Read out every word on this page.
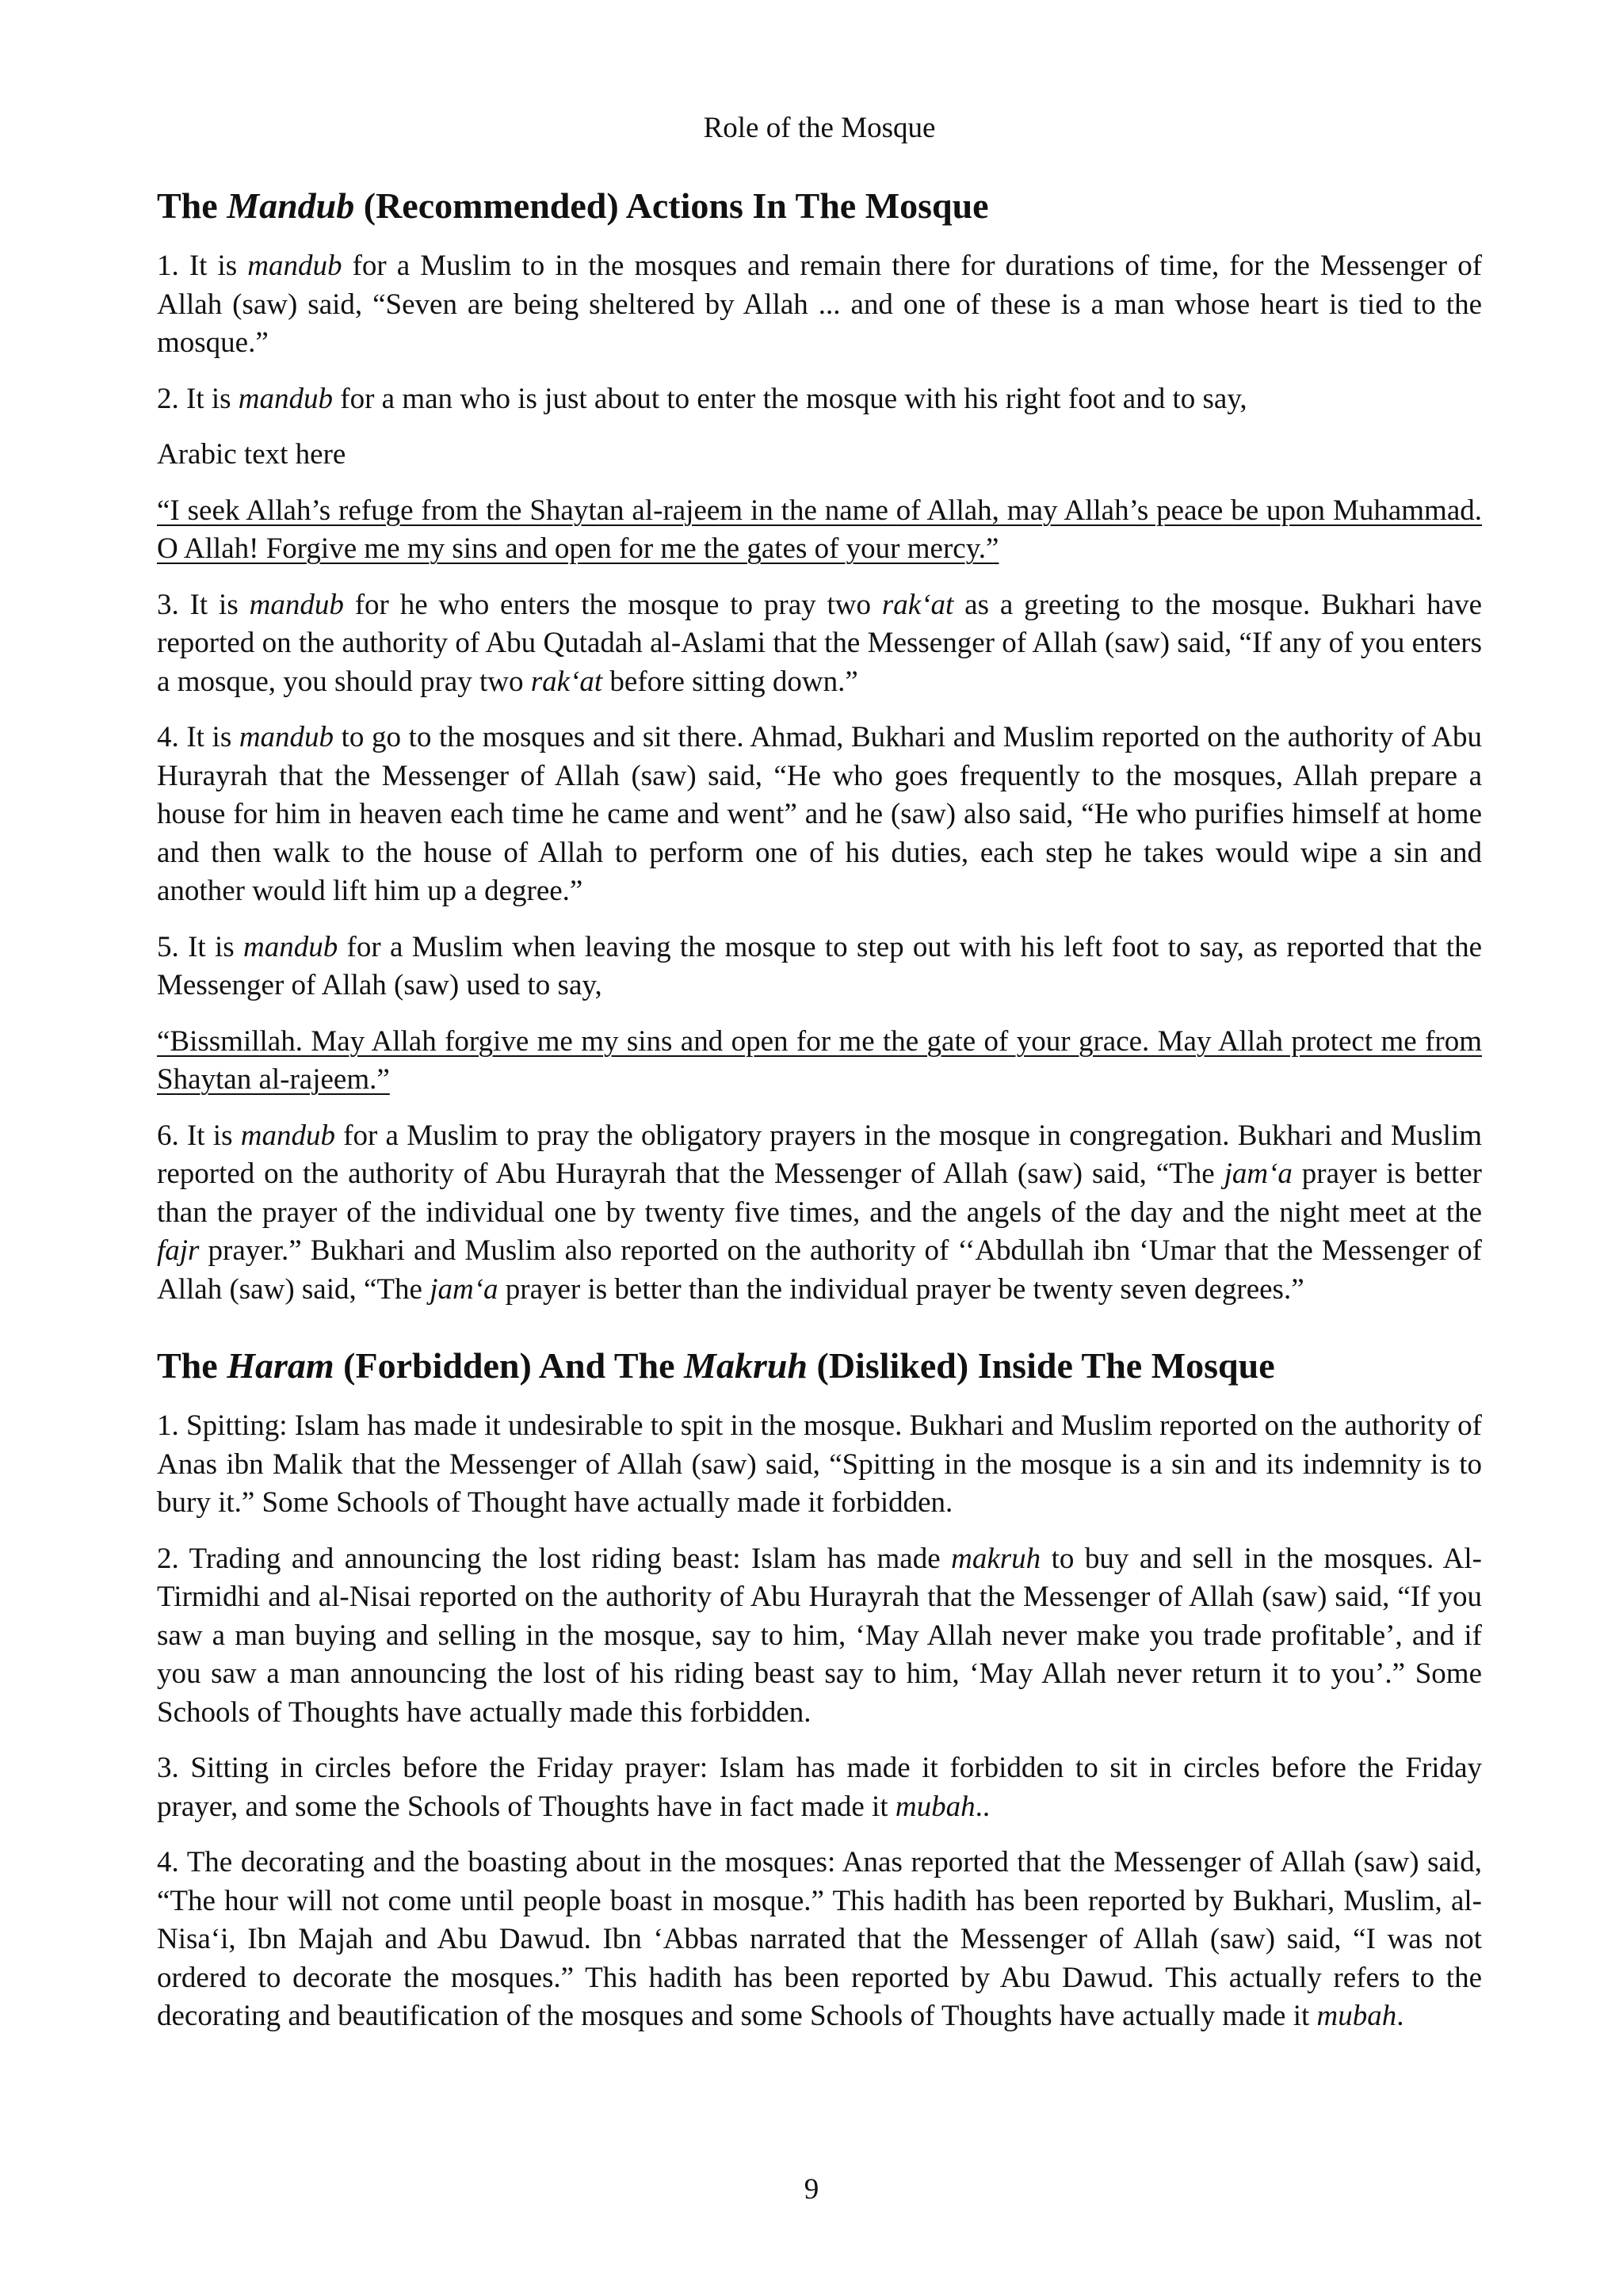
Role of the Mosque
The Mandub (Recommended) Actions In The Mosque

1. It is mandub for a Muslim to in the mosques and remain there for durations of time, for the Messenger of Allah (saw) said, “Seven are being sheltered by Allah ... and one of these is a man whose heart is tied to the mosque.”

2. It is mandub for a man who is just about to enter the mosque with his right foot and to say,

Arabic text here

“I seek Allah’s refuge from the Shaytan al-rajeem in the name of Allah, may Allah’s peace be upon Muhammad. O Allah! Forgive me my sins and open for me the gates of your mercy.”

3. It is mandub for he who enters the mosque to pray two rak‘at as a greeting to the mosque. Bukhari have reported on the authority of Abu Qutadah al-Aslami that the Messenger of Allah (saw) said, “If any of you enters a mosque, you should pray two rak‘at before sitting down.”

4. It is mandub to go to the mosques and sit there. Ahmad, Bukhari and Muslim reported on the authority of Abu Hurayrah that the Messenger of Allah (saw) said, “He who goes frequently to the mosques, Allah prepare a house for him in heaven each time he came and went” and he (saw) also said, “He who purifies himself at home and then walk to the house of Allah to perform one of his duties, each step he takes would wipe a sin and another would lift him up a degree.”

5. It is mandub for a Muslim when leaving the mosque to step out with his left foot to say, as reported that the Messenger of Allah (saw) used to say,

“Bissmillah. May Allah forgive me my sins and open for me the gate of your grace. May Allah protect me from Shaytan al-rajeem.”

6. It is mandub for a Muslim to pray the obligatory prayers in the mosque in congregation. Bukhari and Muslim reported on the authority of Abu Hurayrah that the Messenger of Allah (saw) said, “The jam‘a prayer is better than the prayer of the individual one by twenty five times, and the angels of the day and the night meet at the fajr prayer.” Bukhari and Muslim also reported on the authority of ‘‘Abdullah ibn ‘Umar that the Messenger of Allah (saw) said, “The jam‘a prayer is better than the individual prayer be twenty seven degrees.”

The Haram (Forbidden) And The Makruh (Disliked) Inside The Mosque

1. Spitting: Islam has made it undesirable to spit in the mosque. Bukhari and Muslim reported on the authority of Anas ibn Malik that the Messenger of Allah (saw) said, “Spitting in the mosque is a sin and its indemnity is to bury it.” Some Schools of Thought have actually made it forbidden.

2. Trading and announcing the lost riding beast: Islam has made makruh to buy and sell in the mosques. Al-Tirmidhi and al-Nisai reported on the authority of Abu Hurayrah that the Messenger of Allah (saw) said, “If you saw a man buying and selling in the mosque, say to him, ‘May Allah never make you trade profitable’, and if you saw a man announcing the lost of his riding beast say to him, ‘May Allah never return it to you’.” Some Schools of Thoughts have actually made this forbidden.

3. Sitting in circles before the Friday prayer: Islam has made it forbidden to sit in circles before the Friday prayer, and some the Schools of Thoughts have in fact made it mubah..

4. The decorating and the boasting about in the mosques: Anas reported that the Messenger of Allah (saw) said, “The hour will not come until people boast in mosque.” This hadith has been reported by Bukhari, Muslim, al-Nisa‘i, Ibn Majah and Abu Dawud. Ibn ‘Abbas narrated that the Messenger of Allah (saw) said, “I was not ordered to decorate the mosques.” This hadith has been reported by Abu Dawud. This actually refers to the decorating and beautification of the mosques and some Schools of Thoughts have actually made it mubah.

9
